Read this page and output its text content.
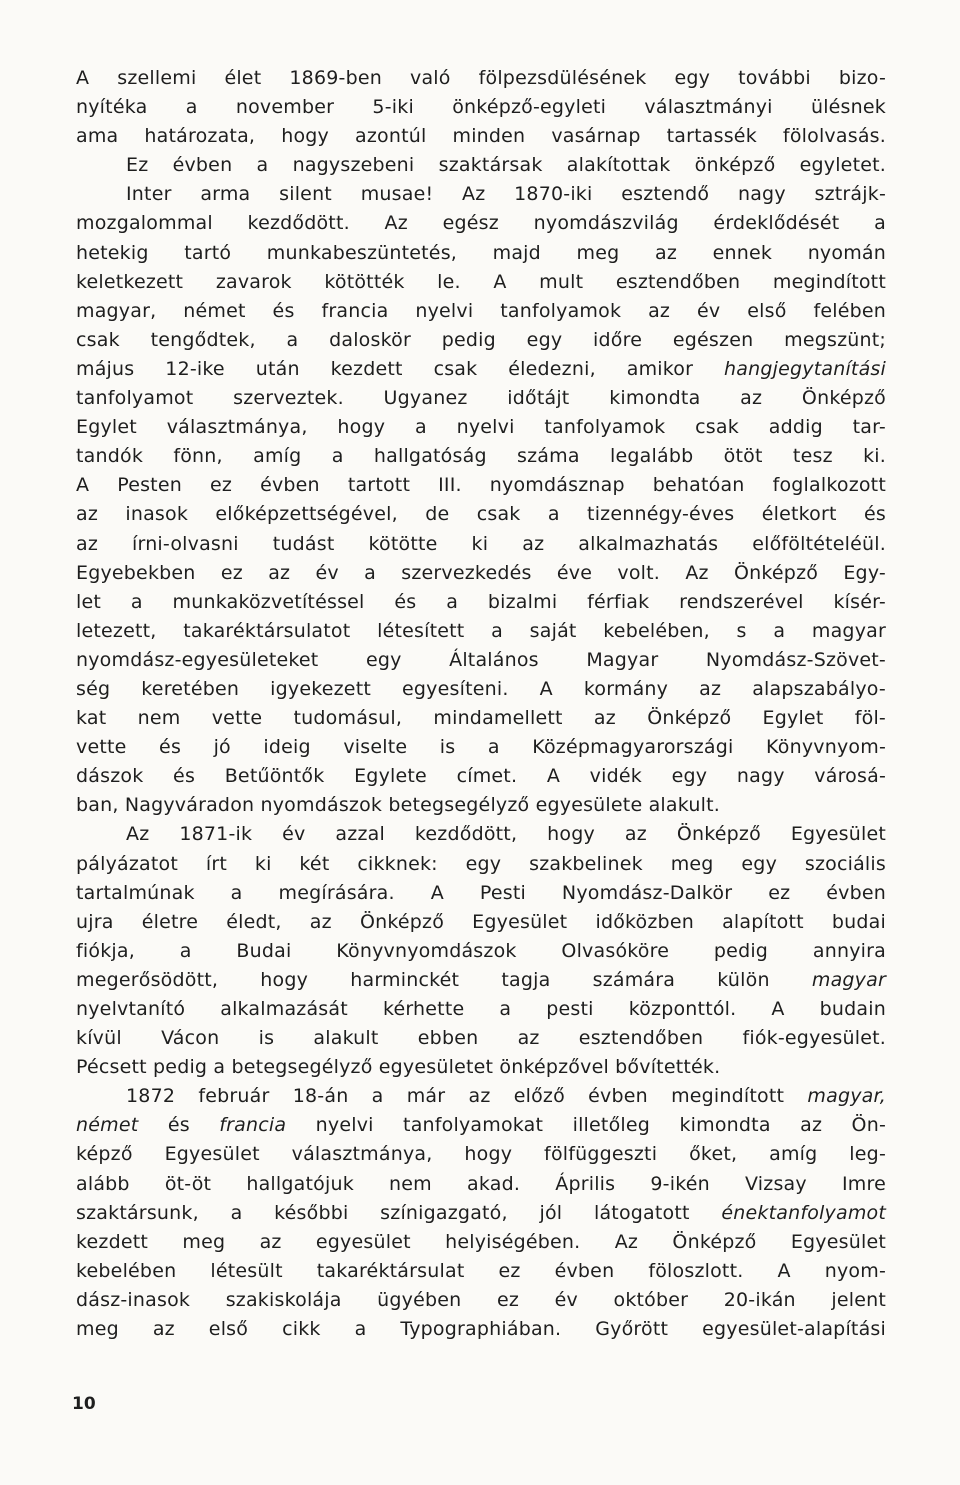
A szellemi élet 1869-ben való fölpezsdülésének egy további bizo-
nyítéka a november 5-iki önképző-egyleti választmányi ülésnek
ama határozata, hogy azontúl minden vasárnap tartassék fölolvasás.
Ez évben a nagyszebeni szaktársak alakítottak önképző egyletet.
Inter arma silent musae! Az 1870-iki esztendő nagy sztrájk-
mozgalommal kezdődött. Az egész nyomdászvilág érdeklődését a
hetekig tartó munkabeszüntetés, majd meg az ennek nyomán
keletkezett zavarok kötötték le. A mult esztendőben megindított
magyar, német és francia nyelvi tanfolyamok az év első felében
csak tengődtek, a daloskör pedig egy időre egészen megszünt;
május 12-ike után kezdett csak éledezni, amikor hangjegytanítási
tanfolyamot szerveztek. Ugyanez időtájt kimondta az Önképző
Egylet választmánya, hogy a nyelvi tanfolyamok csak addig tar-
tandók fönn, amíg a hallgatóság száma legalább ötöt tesz ki.
A Pesten ez évben tartott III. nyomdásznap behatóan foglalkozott
az inasok előképzettségével, de csak a tizennégy-éves életkort és
az írni-olvasni tudást kötötte ki az alkalmazhatás előföltételéül.
Egyebekben ez az év a szervezkedés éve volt. Az Önképző Egy-
let a munkaközvetítéssel és a bizalmi férfiak rendszerével kísér-
letezett, takaréktársulatot létesített a saját kebelében, s a magyar
nyomdász-egyesületeket egy Általános Magyar Nyomdász-Szövet-
ség keretében igyekezett egyesíteni. A kormány az alapszabályo-
kat nem vette tudomásul, mindamellett az Önképző Egylet föl-
vette és jó ideig viselte is a Középmagyarországi Könyvnyom-
dászok és Betűöntők Egylete címet. A vidék egy nagy városá-
ban, Nagyváradon nyomdászok betegsegélyző egyesülete alakult.
Az 1871-ik év azzal kezdődött, hogy az Önképző Egyesület
pályázatot írt ki két cikknek: egy szakbelinek meg egy szociális
tartalmúnak a megírására. A Pesti Nyomdász-Dalkör ez évben
ujra életre éledt, az Önképző Egyesület időközben alapított budai
fiókja, a Budai Könyvnyomdászok Olvasóköre pedig annyira
megerősödött, hogy harminckét tagja számára külön magyar
nyelvtanító alkalmazását kérhette a pesti központtól. A budain
kívül Vácon is alakult ebben az esztendőben fiók-egyesület.
Pécsett pedig a betegsegélyző egyesületet önképzővel bővítették.
1872 február 18-án a már az előző évben megindított magyar,
német és francia nyelvi tanfolyamokat illetőleg kimondta az Ön-
képző Egyesület választmánya, hogy fölfüggeszti őket, amíg leg-
alább öt-öt hallgatójuk nem akad. Április 9-ikén Vizsay Imre
szaktársunk, a későbbi színigazgató, jól látogatott énektanfolyamot
kezdett meg az egyesület helyiségében. Az Önképző Egyesület
kebelében létesült takaréktársulat ez évben föloszlott. A nyom-
dász-inasok szakiskolája ügyében ez év október 20-ikán jelent
meg az első cikk a Typographiában. Győrött egyesület-alapítási
10
